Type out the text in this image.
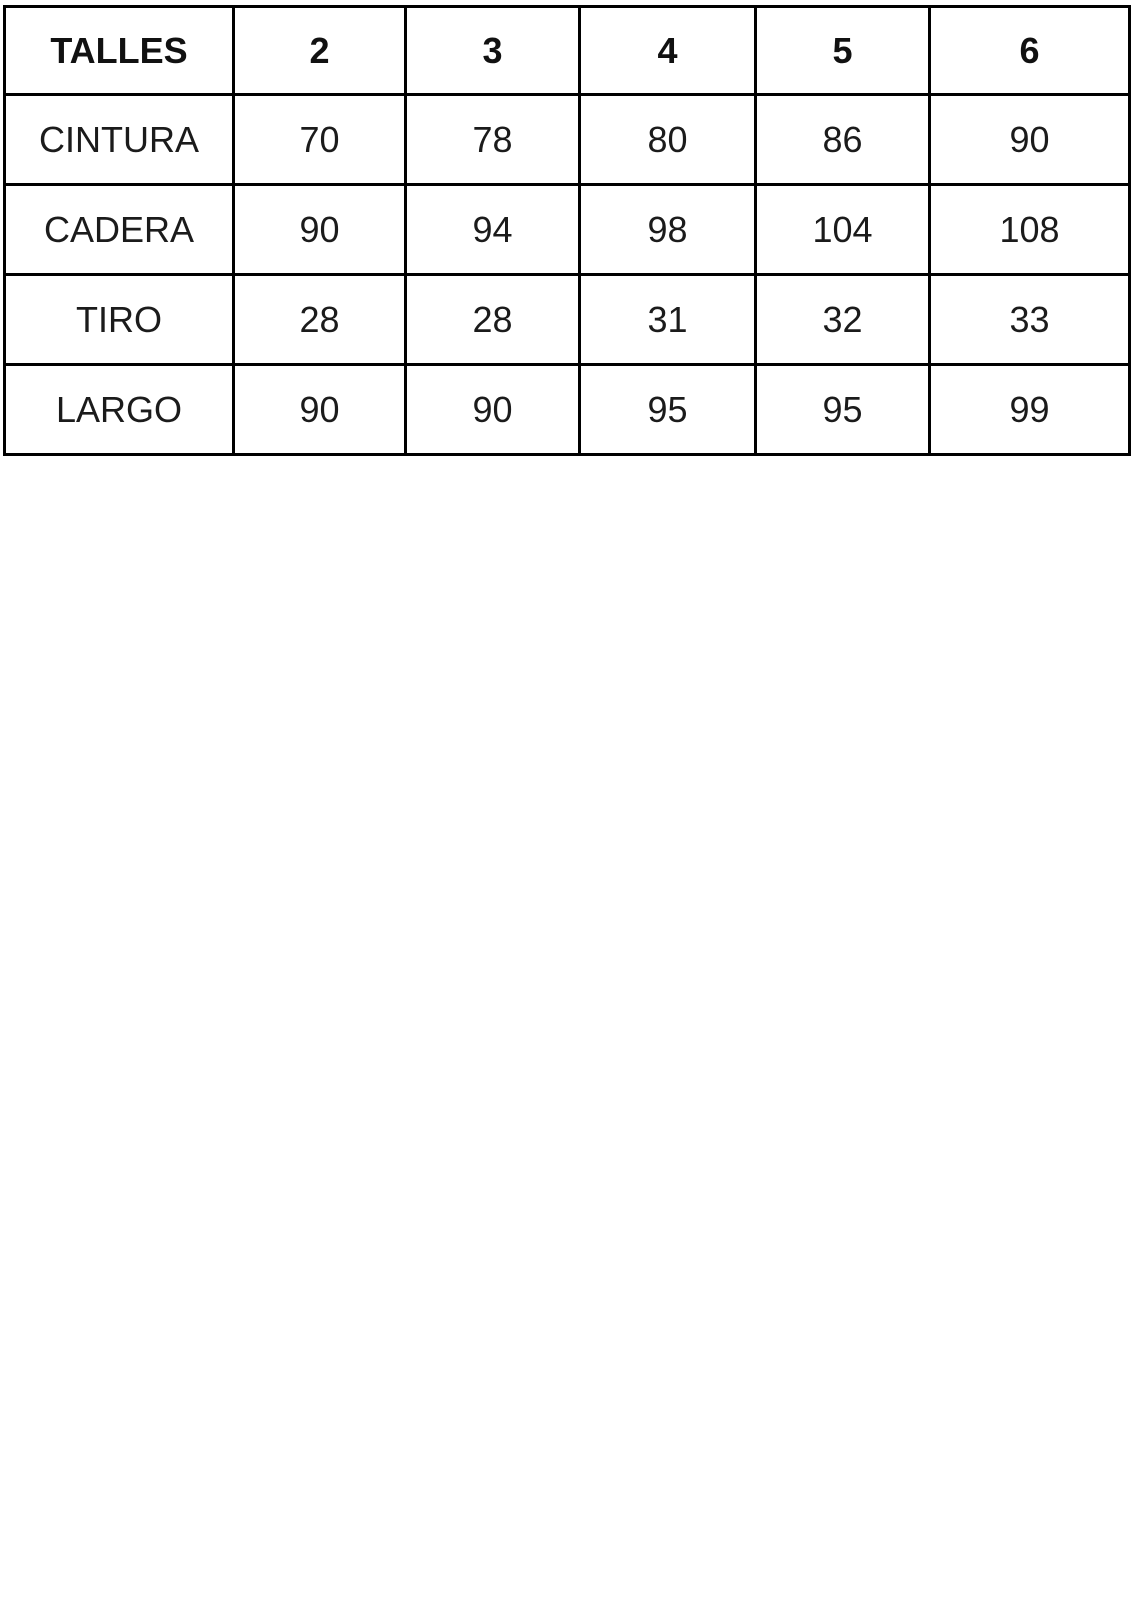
TALLES	2	3	4	5	6
CINTURA	70	78	80	86	90
CADERA	90	94	98	104	108
TIRO	28	28	31	32	33
LARGO	90	90	95	95	99
